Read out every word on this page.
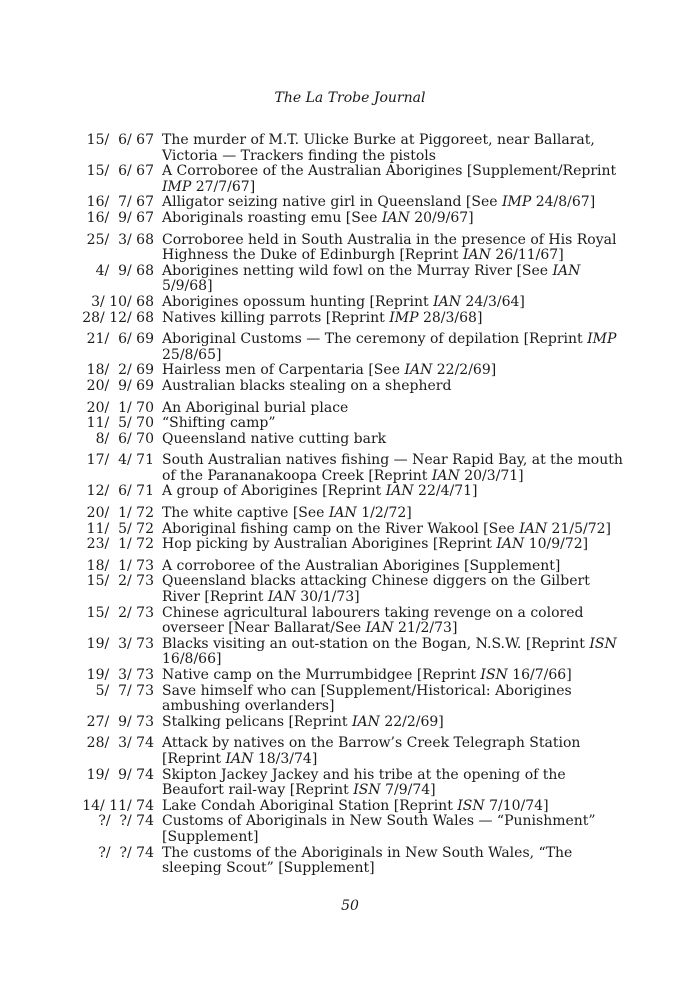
The La Trobe Journal
15/  6/ 67 The murder of M.T. Ulicke Burke at Piggoreet, near Ballarat, Victoria — Trackers finding the pistols
15/  6/ 67 A Corroboree of the Australian Aborigines [Supplement/Reprint IMP 27/7/67]
16/  7/ 67 Alligator seizing native girl in Queensland [See IMP 24/8/67]
16/  9/ 67 Aboriginals roasting emu [See IAN 20/9/67]
25/  3/ 68 Corroboree held in South Australia in the presence of His Royal Highness the Duke of Edinburgh [Reprint IAN 26/11/67]
4/  9/ 68 Aborigines netting wild fowl on the Murray River [See IAN 5/9/68]
3/ 10/ 68 Aborigines opossum hunting [Reprint IAN 24/3/64]
28/ 12/ 68 Natives killing parrots [Reprint IMP 28/3/68]
21/  6/ 69 Aboriginal Customs — The ceremony of depilation [Reprint IMP 25/8/65]
18/  2/ 69 Hairless men of Carpentaria [See IAN 22/2/69]
20/  9/ 69 Australian blacks stealing on a shepherd
20/  1/ 70 An Aboriginal burial place
11/  5/ 70 “Shifting camp”
8/  6/ 70 Queensland native cutting bark
17/  4/ 71 South Australian natives fishing — Near Rapid Bay, at the mouth of the Parananakoopa Creek [Reprint IAN 20/3/71]
12/  6/ 71 A group of Aborigines [Reprint IAN 22/4/71]
20/  1/ 72 The white captive [See IAN 1/2/72]
11/  5/ 72 Aboriginal fishing camp on the River Wakool [See IAN 21/5/72]
23/  1/ 72 Hop picking by Australian Aborigines [Reprint IAN 10/9/72]
18/  1/ 73 A corroboree of the Australian Aborigines [Supplement]
15/  2/ 73 Queensland blacks attacking Chinese diggers on the Gilbert River [Reprint IAN 30/1/73]
15/  2/ 73 Chinese agricultural labourers taking revenge on a colored overseer [Near Ballarat/See IAN 21/2/73]
19/  3/ 73 Blacks visiting an out-station on the Bogan, N.S.W. [Reprint ISN 16/8/66]
19/  3/ 73 Native camp on the Murrumbidgee [Reprint ISN 16/7/66]
5/  7/ 73 Save himself who can [Supplement/Historical: Aborigines ambushing overlanders]
27/  9/ 73 Stalking pelicans [Reprint IAN 22/2/69]
28/  3/ 74 Attack by natives on the Barrow’s Creek Telegraph Station [Reprint IAN 18/3/74]
19/  9/ 74 Skipton Jackey Jackey and his tribe at the opening of the Beaufort rail-way [Reprint ISN 7/9/74]
14/ 11/ 74 Lake Condah Aboriginal Station [Reprint ISN 7/10/74]
?/  ?/ 74 Customs of Aboriginals in New South Wales — “Punishment” [Supplement]
?/  ?/ 74 The customs of the Aboriginals in New South Wales, “The sleeping Scout” [Supplement]
50
